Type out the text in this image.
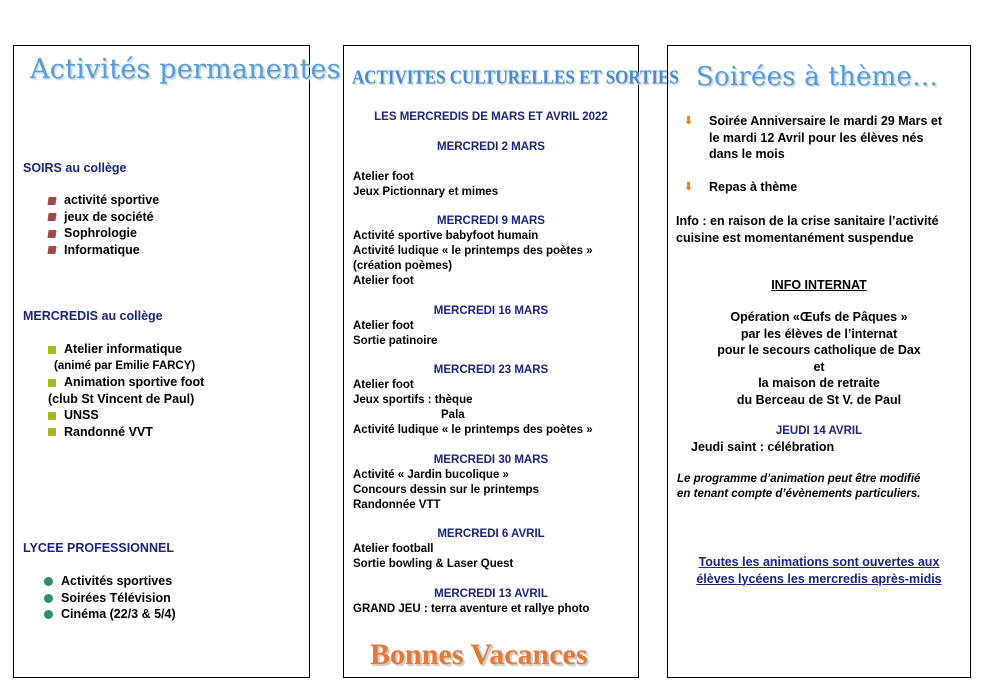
Activités permanentes
SOIRS au collège
activité sportive
jeux de société
Sophrologie
Informatique
MERCREDIS au collège
Atelier informatique
(animé par Emilie FARCY)
Animation sportive foot
(club St Vincent de Paul)
UNSS
Randonné VVT
LYCEE PROFESSIONNEL
Activités sportives
Soirées Télévision
Cinéma (22/3 & 5/4)
ACTIVITES CULTURELLES ET SORTIES
LES MERCREDIS DE MARS ET AVRIL 2022
MERCREDI 2 MARS
Atelier foot
Jeux Pictionnary et mimes
MERCREDI 9 MARS
Activité sportive babyfoot humain
Activité ludique « le printemps des poètes »
(création poèmes)
Atelier foot
MERCREDI 16 MARS
Atelier foot
Sortie patinoire
MERCREDI 23 MARS
Atelier foot
Jeux sportifs : thèque
Pala
Activité ludique « le printemps des poètes »
MERCREDI 30 MARS
Activité « Jardin bucolique »
Concours dessin sur le printemps
Randonnée VTT
MERCREDI 6 AVRIL
Atelier football
Sortie bowling & Laser Quest
MERCREDI 13 AVRIL
GRAND JEU : terra aventure et rallye photo
Bonnes Vacances
Soirées à thème…
⬇ Soirée Anniversaire le mardi 29 Mars et
le mardi 12 Avril pour les élèves nés
dans le mois
⬇ Repas à thème
Info : en raison de la crise sanitaire l’activité
cuisine est momentanément suspendue
INFO INTERNAT
Opération «Œufs de Pâques »
par les élèves de l’internat
pour le secours catholique de Dax
et
la maison de retraite
du Berceau de St V. de Paul
JEUDI 14 AVRIL
Jeudi saint : célébration
Le programme d’animation peut être modifié
en tenant compte d’évènements particuliers.
Toutes les animations sont ouvertes aux
élèves lycéens les mercredis après-midis
